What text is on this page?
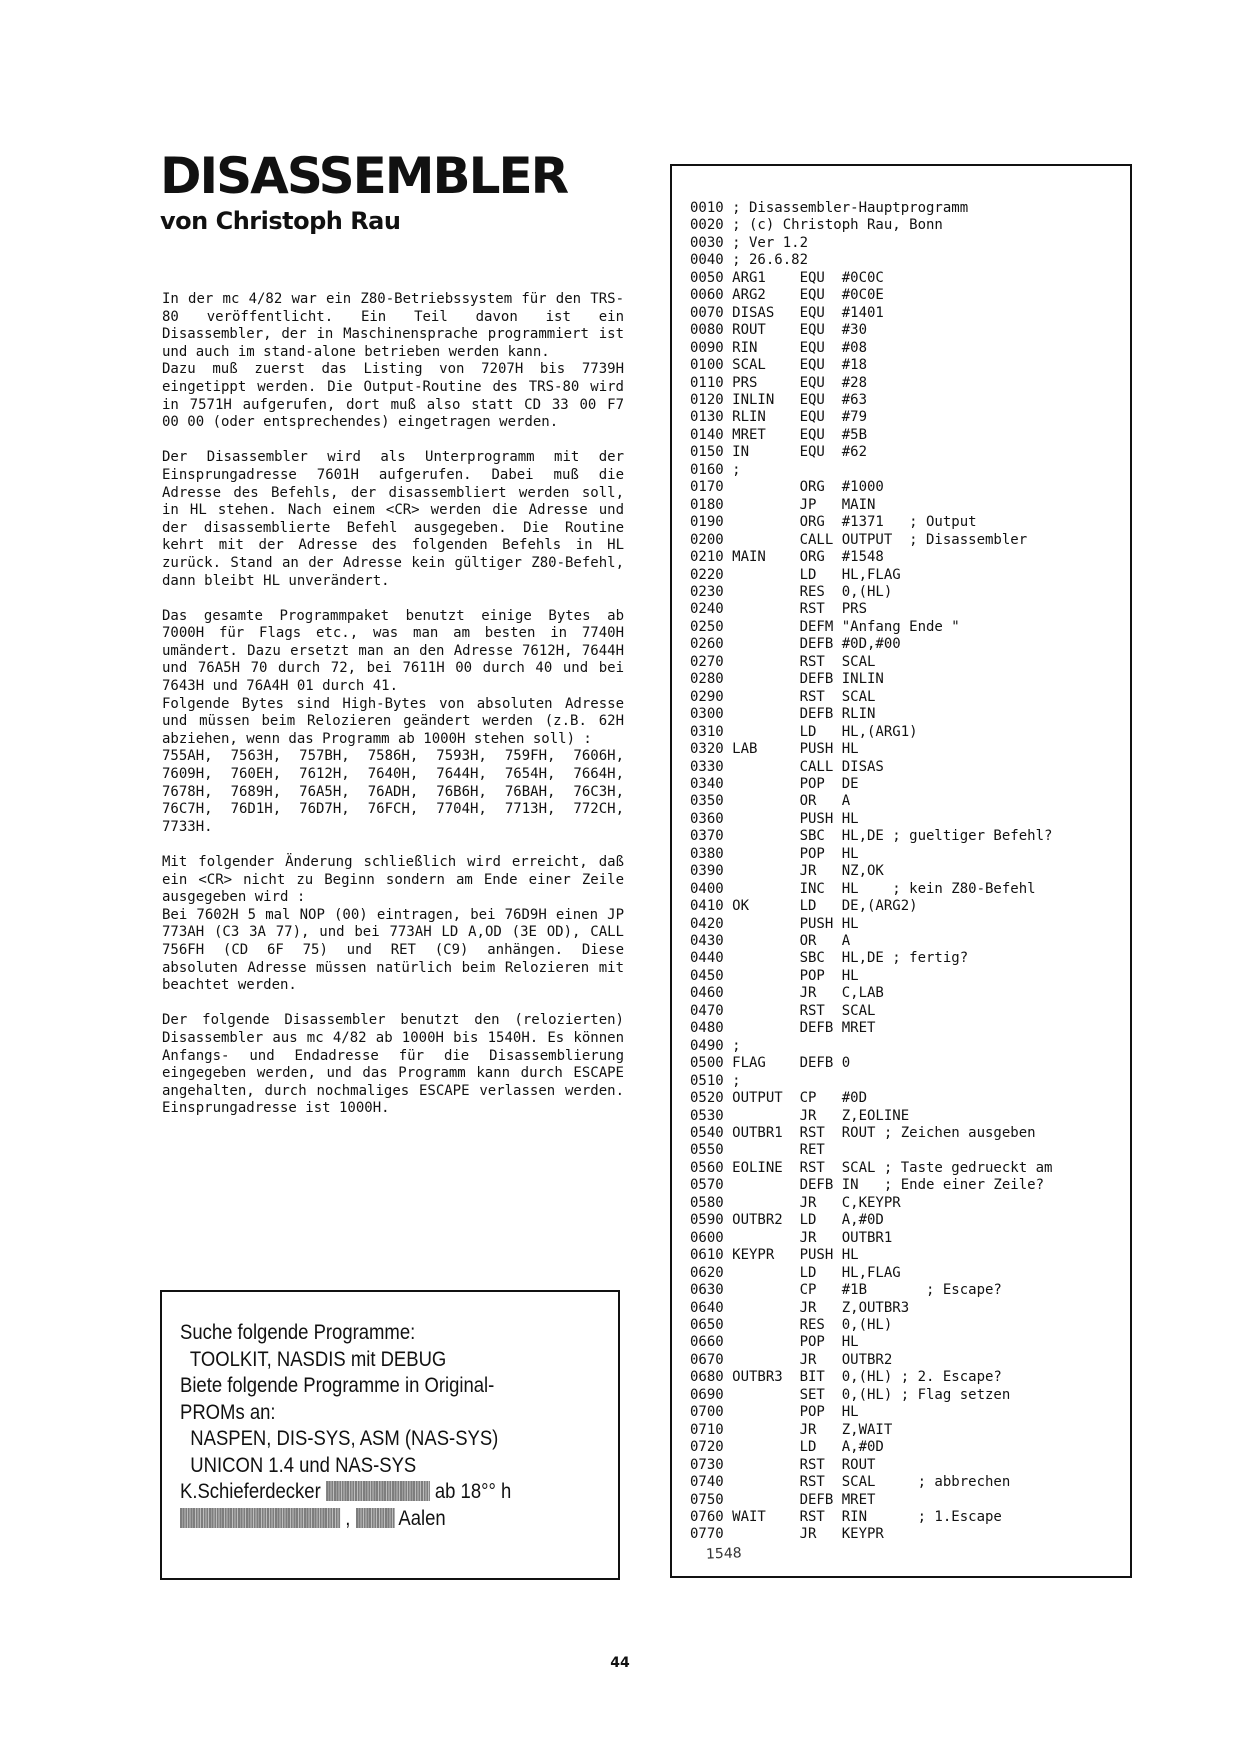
DISASSEMBLER
von Christoph Rau

In der mc 4/82 war ein Z80-Betriebssystem für den TRS-80 veröffentlicht. Ein Teil davon ist ein Disassembler, der in Maschinensprache programmiert ist und auch im stand-alone betrieben werden kann.
Dazu muß zuerst das Listing von 7207H bis 7739H eingetippt werden. Die Output-Routine des TRS-80 wird in 7571H aufgerufen, dort muß also statt CD 33 00 F7 00 00 (oder entsprechendes) eingetragen werden.

Der Disassembler wird als Unterprogramm mit der Einsprungadresse 7601H aufgerufen. Dabei muß die Adresse des Befehls, der disassembliert werden soll, in HL stehen. Nach einem <CR> werden die Adresse und der disassemblierte Befehl ausgegeben. Die Routine kehrt mit der Adresse des folgenden Befehls in HL zurück. Stand an der Adresse kein gültiger Z80-Befehl, dann bleibt HL unverändert.

Das gesamte Programmpaket benutzt einige Bytes ab 7000H für Flags etc., was man am besten in 7740H umändert. Dazu ersetzt man an den Adresse 7612H, 7644H und 76A5H 70 durch 72, bei 7611H 00 durch 40 und bei 7643H und 76A4H 01 durch 41.
Folgende Bytes sind High-Bytes von absoluten Adresse und müssen beim Relozieren geändert werden (z.B. 62H abziehen, wenn das Programm ab 1000H stehen soll) :
755AH, 7563H, 757BH, 7586H, 7593H, 759FH, 7606H, 7609H, 760EH, 7612H, 7640H, 7644H, 7654H, 7664H, 7678H, 7689H, 76A5H, 76ADH, 76B6H, 76BAH, 76C3H, 76C7H, 76D1H, 76D7H, 76FCH, 7704H, 7713H, 772CH, 7733H.

Mit folgender Änderung schließlich wird erreicht, daß ein <CR> nicht zu Beginn sondern am Ende einer Zeile ausgegeben wird :
Bei 7602H 5 mal NOP (00) eintragen, bei 76D9H einen JP 773AH (C3 3A 77), und bei 773AH LD A,OD (3E OD), CALL 756FH (CD 6F 75) und RET (C9) anhängen. Diese absoluten Adresse müssen natürlich beim Relozieren mit beachtet werden.

Der folgende Disassembler benutzt den (relozierten) Disassembler aus mc 4/82 ab 1000H bis 1540H. Es können Anfangs- und Endadresse für die Disassemblierung eingegeben werden, und das Programm kann durch ESCAPE angehalten, durch nochmaliges ESCAPE verlassen werden. Einsprungadresse ist 1000H.

Suche folgende Programme:
TOOLKIT, NASDIS mit DEBUG
Biete folgende Programme in Original-
PROMs an:
NASPEN, DIS-SYS, ASM (NAS-SYS)
UNICON 1.4 und NAS-SYS
K.Schieferdecker	ab 18°° h
,  Aalen
0010 ; Disassembler-Hauptprogramm
0020 ; (c) Christoph Rau, Bonn
0030 ; Ver 1.2
0040 ; 26.6.82
0050 ARG1    EQU  #0C0C
0060 ARG2    EQU  #0C0E
0070 DISAS   EQU  #1401
0080 ROUT    EQU  #30
0090 RIN     EQU  #08
0100 SCAL    EQU  #18
0110 PRS     EQU  #28
0120 INLIN   EQU  #63
0130 RLIN    EQU  #79
0140 MRET    EQU  #5B
0150 IN      EQU  #62
0160 ;
0170         ORG  #1000
0180         JP   MAIN
0190         ORG  #1371   ; Output
0200         CALL OUTPUT  ; Disassembler
0210 MAIN    ORG  #1548
0220         LD   HL,FLAG
0230         RES  0,(HL)
0240         RST  PRS
0250         DEFM "Anfang Ende "
0260         DEFB #0D,#00
0270         RST  SCAL
0280         DEFB INLIN
0290         RST  SCAL
0300         DEFB RLIN
0310         LD   HL,(ARG1)
0320 LAB     PUSH HL
0330         CALL DISAS
0340         POP  DE
0350         OR   A
0360         PUSH HL
0370         SBC  HL,DE ; gueltiger Befehl?
0380         POP  HL
0390         JR   NZ,OK
0400         INC  HL    ; kein Z80-Befehl
0410 OK      LD   DE,(ARG2)
0420         PUSH HL
0430         OR   A
0440         SBC  HL,DE ; fertig?
0450         POP  HL
0460         JR   C,LAB
0470         RST  SCAL
0480         DEFB MRET
0490 ;
0500 FLAG    DEFB 0
0510 ;
0520 OUTPUT  CP   #0D
0530         JR   Z,EOLINE
0540 OUTBR1  RST  ROUT ; Zeichen ausgeben
0550         RET
0560 EOLINE  RST  SCAL ; Taste gedrueckt am
0570         DEFB IN   ; Ende einer Zeile?
0580         JR   C,KEYPR
0590 OUTBR2  LD   A,#0D
0600         JR   OUTBR1
0610 KEYPR   PUSH HL
0620         LD   HL,FLAG
0630         CP   #1B       ; Escape?
0640         JR   Z,OUTBR3
0650         RES  0,(HL)
0660         POP  HL
0670         JR   OUTBR2
0680 OUTBR3  BIT  0,(HL) ; 2. Escape?
0690         SET  0,(HL) ; Flag setzen
0700         POP  HL
0710         JR   Z,WAIT
0720         LD   A,#0D
0730         RST  ROUT
0740         RST  SCAL     ; abbrechen
0750         DEFB MRET
0760 WAIT    RST  RIN      ; 1.Escape
0770         JR   KEYPR
1548
44
